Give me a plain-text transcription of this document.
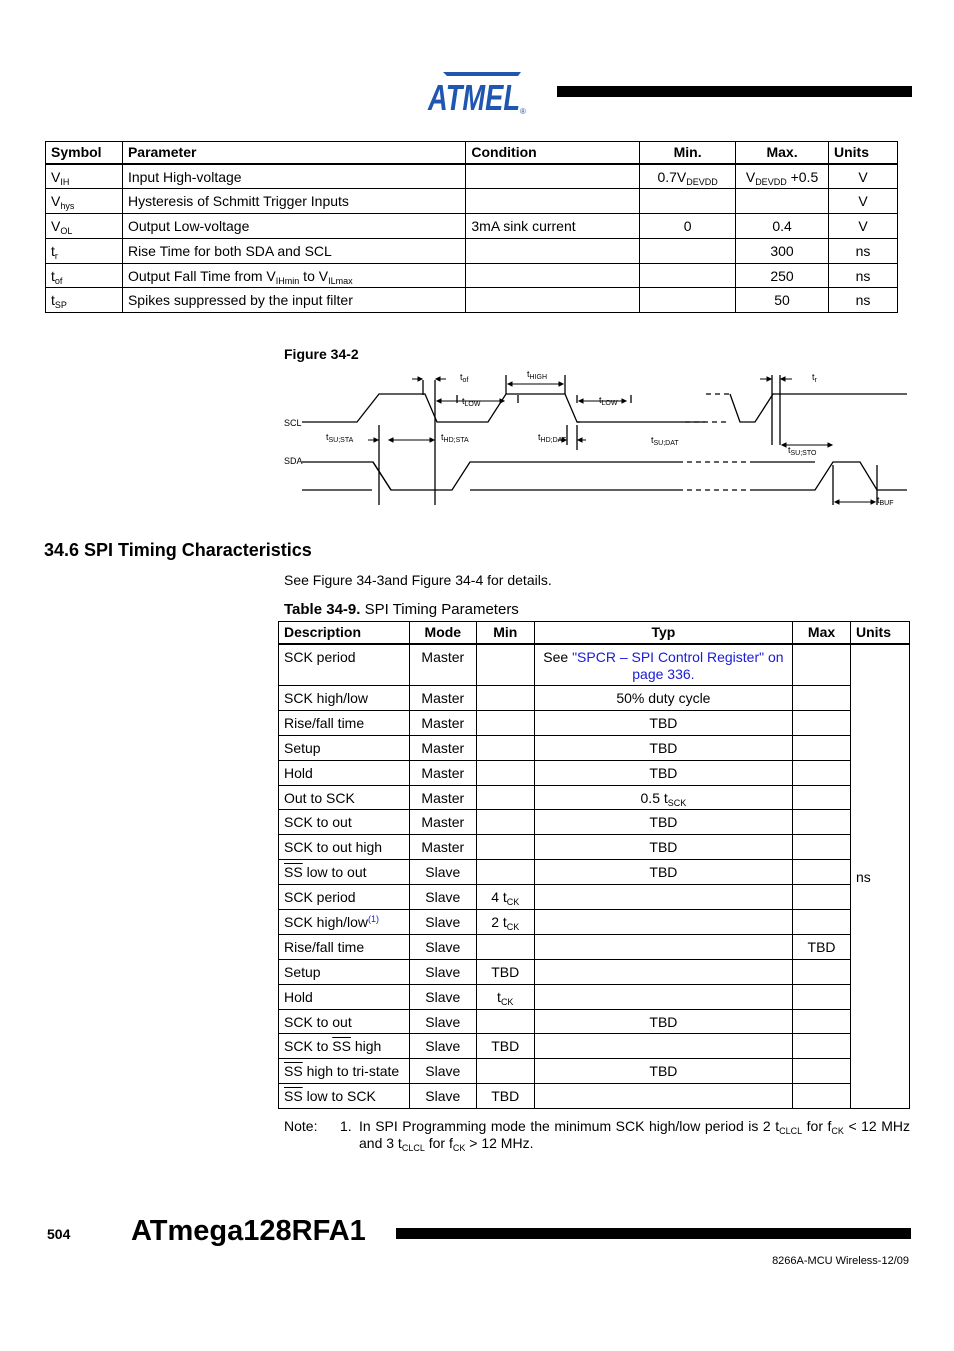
ATMEL ®
Symbol	Parameter	Condition	Min.	Max.	Units
$V_{IH}$	Input High-voltage		$0.7V_{DEVDD}$	$V_{DEVDD} +0.5$	V
$V_{hys}$	Hysteresis of Schmitt Trigger Inputs				V
$V_{OL}$	Output Low-voltage	3mA sink current	0	0.4	V
$t_r$	Rise Time for both SDA and SCL			300	ns
$t_{of}$	Output Fall Time from $V_{IHmin}$ to $V_{ILmax}$			250	ns
$t_{SP}$	Spikes suppressed by the input filter			50	ns
Figure 34-2
SCL
SDA
$t_{of}$
$t_{HIGH}$	$t_r$
$t_{LOW}$	$t_{LOW}$
$t_{SU;STA}$	$t_{HD;STA}$	$t_{HD;DAT}$	$t_{SU;DAT}$
$t_{SU;STO}$
$t_{BUF}$
34.6 SPI Timing Characteristics
See Figure 34-3and Figure 34-4 for details.
Table 34-9. SPI Timing Parameters
Description	Mode	Min	Typ	Max	Units
SCK period	Master		See "SPCR – SPI Control Register" on page 336.		ns
SCK high/low	Master		50% duty cycle		
Rise/fall time	Master		TBD		
Setup	Master		TBD		
Hold	Master		TBD		
Out to SCK	Master		0.5 $t_{SCK}$	
SCK to out	Master		TBD		
SCK to out high	Master		TBD		
$\overline{SS}$ low to out	Slave		TBD		
SCK period	Slave	4 $t_{CK}$		
SCK high/low$^{(1)}$	Slave	2 $t_{CK}$		
Rise/fall time	Slave			TBD	
Setup	Slave	TBD			
Hold	Slave	$t_{CK}$		
SCK to out	Slave		TBD		
SCK to $\overline{SS}$ high	Slave	TBD			
$\overline{SS}$ high to tri-state	Slave		TBD		
$\overline{SS}$ low to SCK	Slave	TBD			
Note:	1. In SPI Programming mode the minimum SCK high/low period is 2 $t_{CLCL}$ for $f_{CK} < 12$ MHz and 3 $t_{CLCL}$ for $f_{CK} > 12$ MHz.
504 ATmega128RFA1
8266A-MCU Wireless-12/09
